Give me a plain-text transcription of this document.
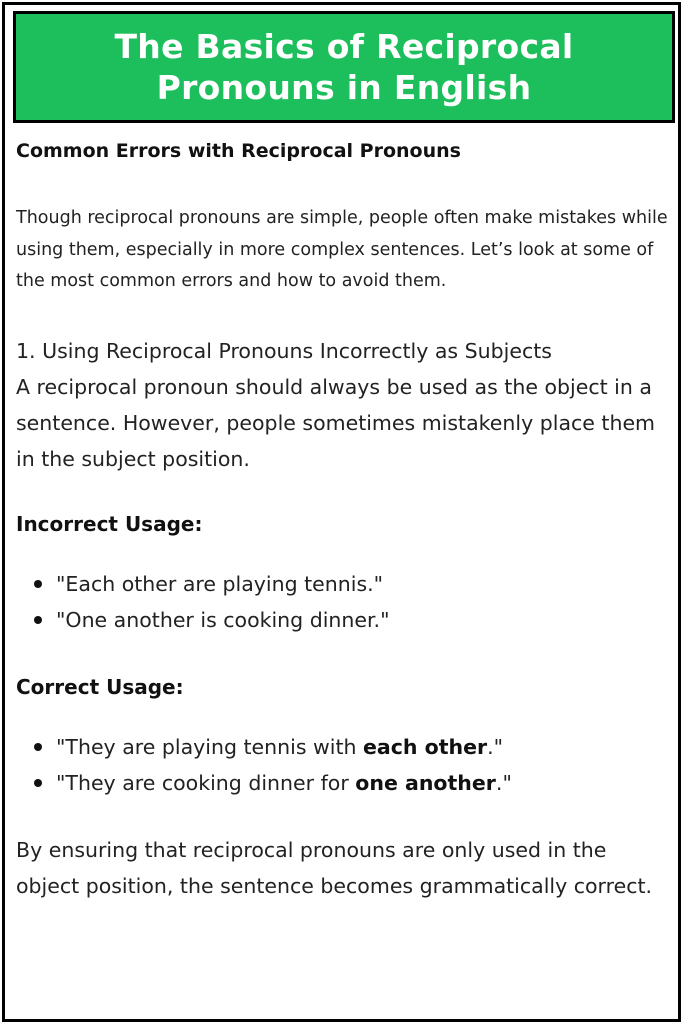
The Basics of Reciprocal
Pronouns in English
Common Errors with Reciprocal Pronouns

Though reciprocal pronouns are simple, people often make mistakes while using them, especially in more complex sentences. Let’s look at some of the most common errors and how to avoid them.

1. Using Reciprocal Pronouns Incorrectly as Subjects

A reciprocal pronoun should always be used as the object in a sentence. However, people sometimes mistakenly place them in the subject position.

Incorrect Usage:
"Each other are playing tennis."
"One another is cooking dinner."
Correct Usage:
"They are playing tennis with each other."
"They are cooking dinner for one another."

By ensuring that reciprocal pronouns are only used in the object position, the sentence becomes grammatically correct.
